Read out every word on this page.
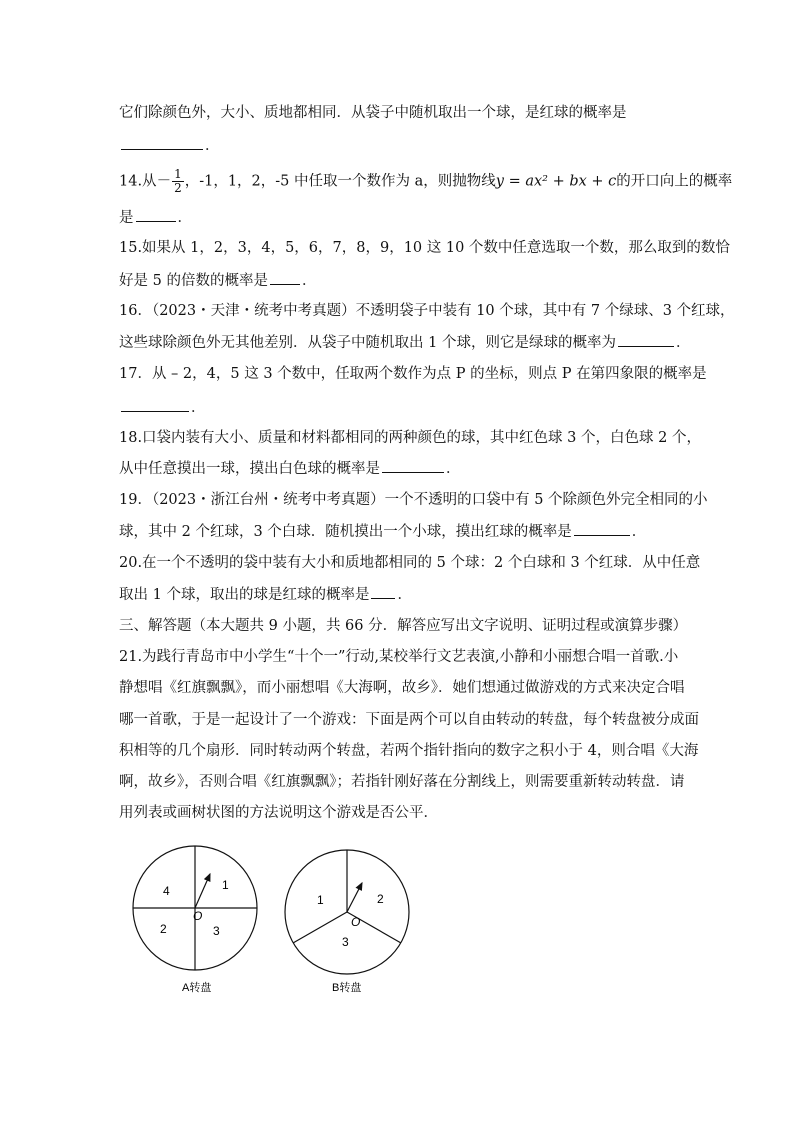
它们除颜色外，大小、质地都相同．从袋子中随机取出一个球，是红球的概率是
．
14.从－ $\frac{1}{2}$ ，-1，1，2，-5 中任取一个数作为 a，则抛物线y = ax² + bx + c的开口向上的概率
是	．
15.如果从 1，2，3，4，5，6，7，8，9，10 这 10 个数中任意选取一个数，那么取到的数恰
好是 5 的倍数的概率是 ．
16．（2023・天津・统考中考真题）不透明袋子中装有 10 个球，其中有 7 个绿球、3 个红球，
这些球除颜色外无其他差别．从袋子中随机取出 1 个球，则它是绿球的概率为	．
17．从 – 2，4，5 这 3 个数中，任取两个数作为点 P 的坐标，则点 P 在第四象限的概率是
．
18.口袋内装有大小、质量和材料都相同的两种颜色的球，其中红色球 3 个，白色球 2 个，
从中任意摸出一球，摸出白色球的概率是	．
19．（2023・浙江台州・统考中考真题）一个不透明的口袋中有 5 个除颜色外完全相同的小
球，其中 2 个红球，3 个白球．随机摸出一个小球，摸出红球的概率是	．
20.在一个不透明的袋中装有大小和质地都相同的 5 个球：2 个白球和 3 个红球．从中任意
取出 1 个球，取出的球是红球的概率是 ．
三、解答题（本大题共 9 小题，共 66 分．解答应写出文字说明、证明过程或演算步骤）
21.为践行青岛市中小学生“十个一”行动,某校举行文艺表演,小静和小丽想合唱一首歌.小
静想唱《红旗飘飘》，而小丽想唱《大海啊，故乡》．她们想通过做游戏的方式来决定合唱
哪一首歌，于是一起设计了一个游戏：下面是两个可以自由转动的转盘，每个转盘被分成面
积相等的几个扇形．同时转动两个转盘，若两个指针指向的数字之积小于 4，则合唱《大海
啊，故乡》，否则合唱《红旗飘飘》；若指针刚好落在分割线上，则需要重新转动转盘．请
用列表或画树状图的方法说明这个游戏是否公平．
1
2	3
4
O
A转盘
1	2
3
O
B转盘
